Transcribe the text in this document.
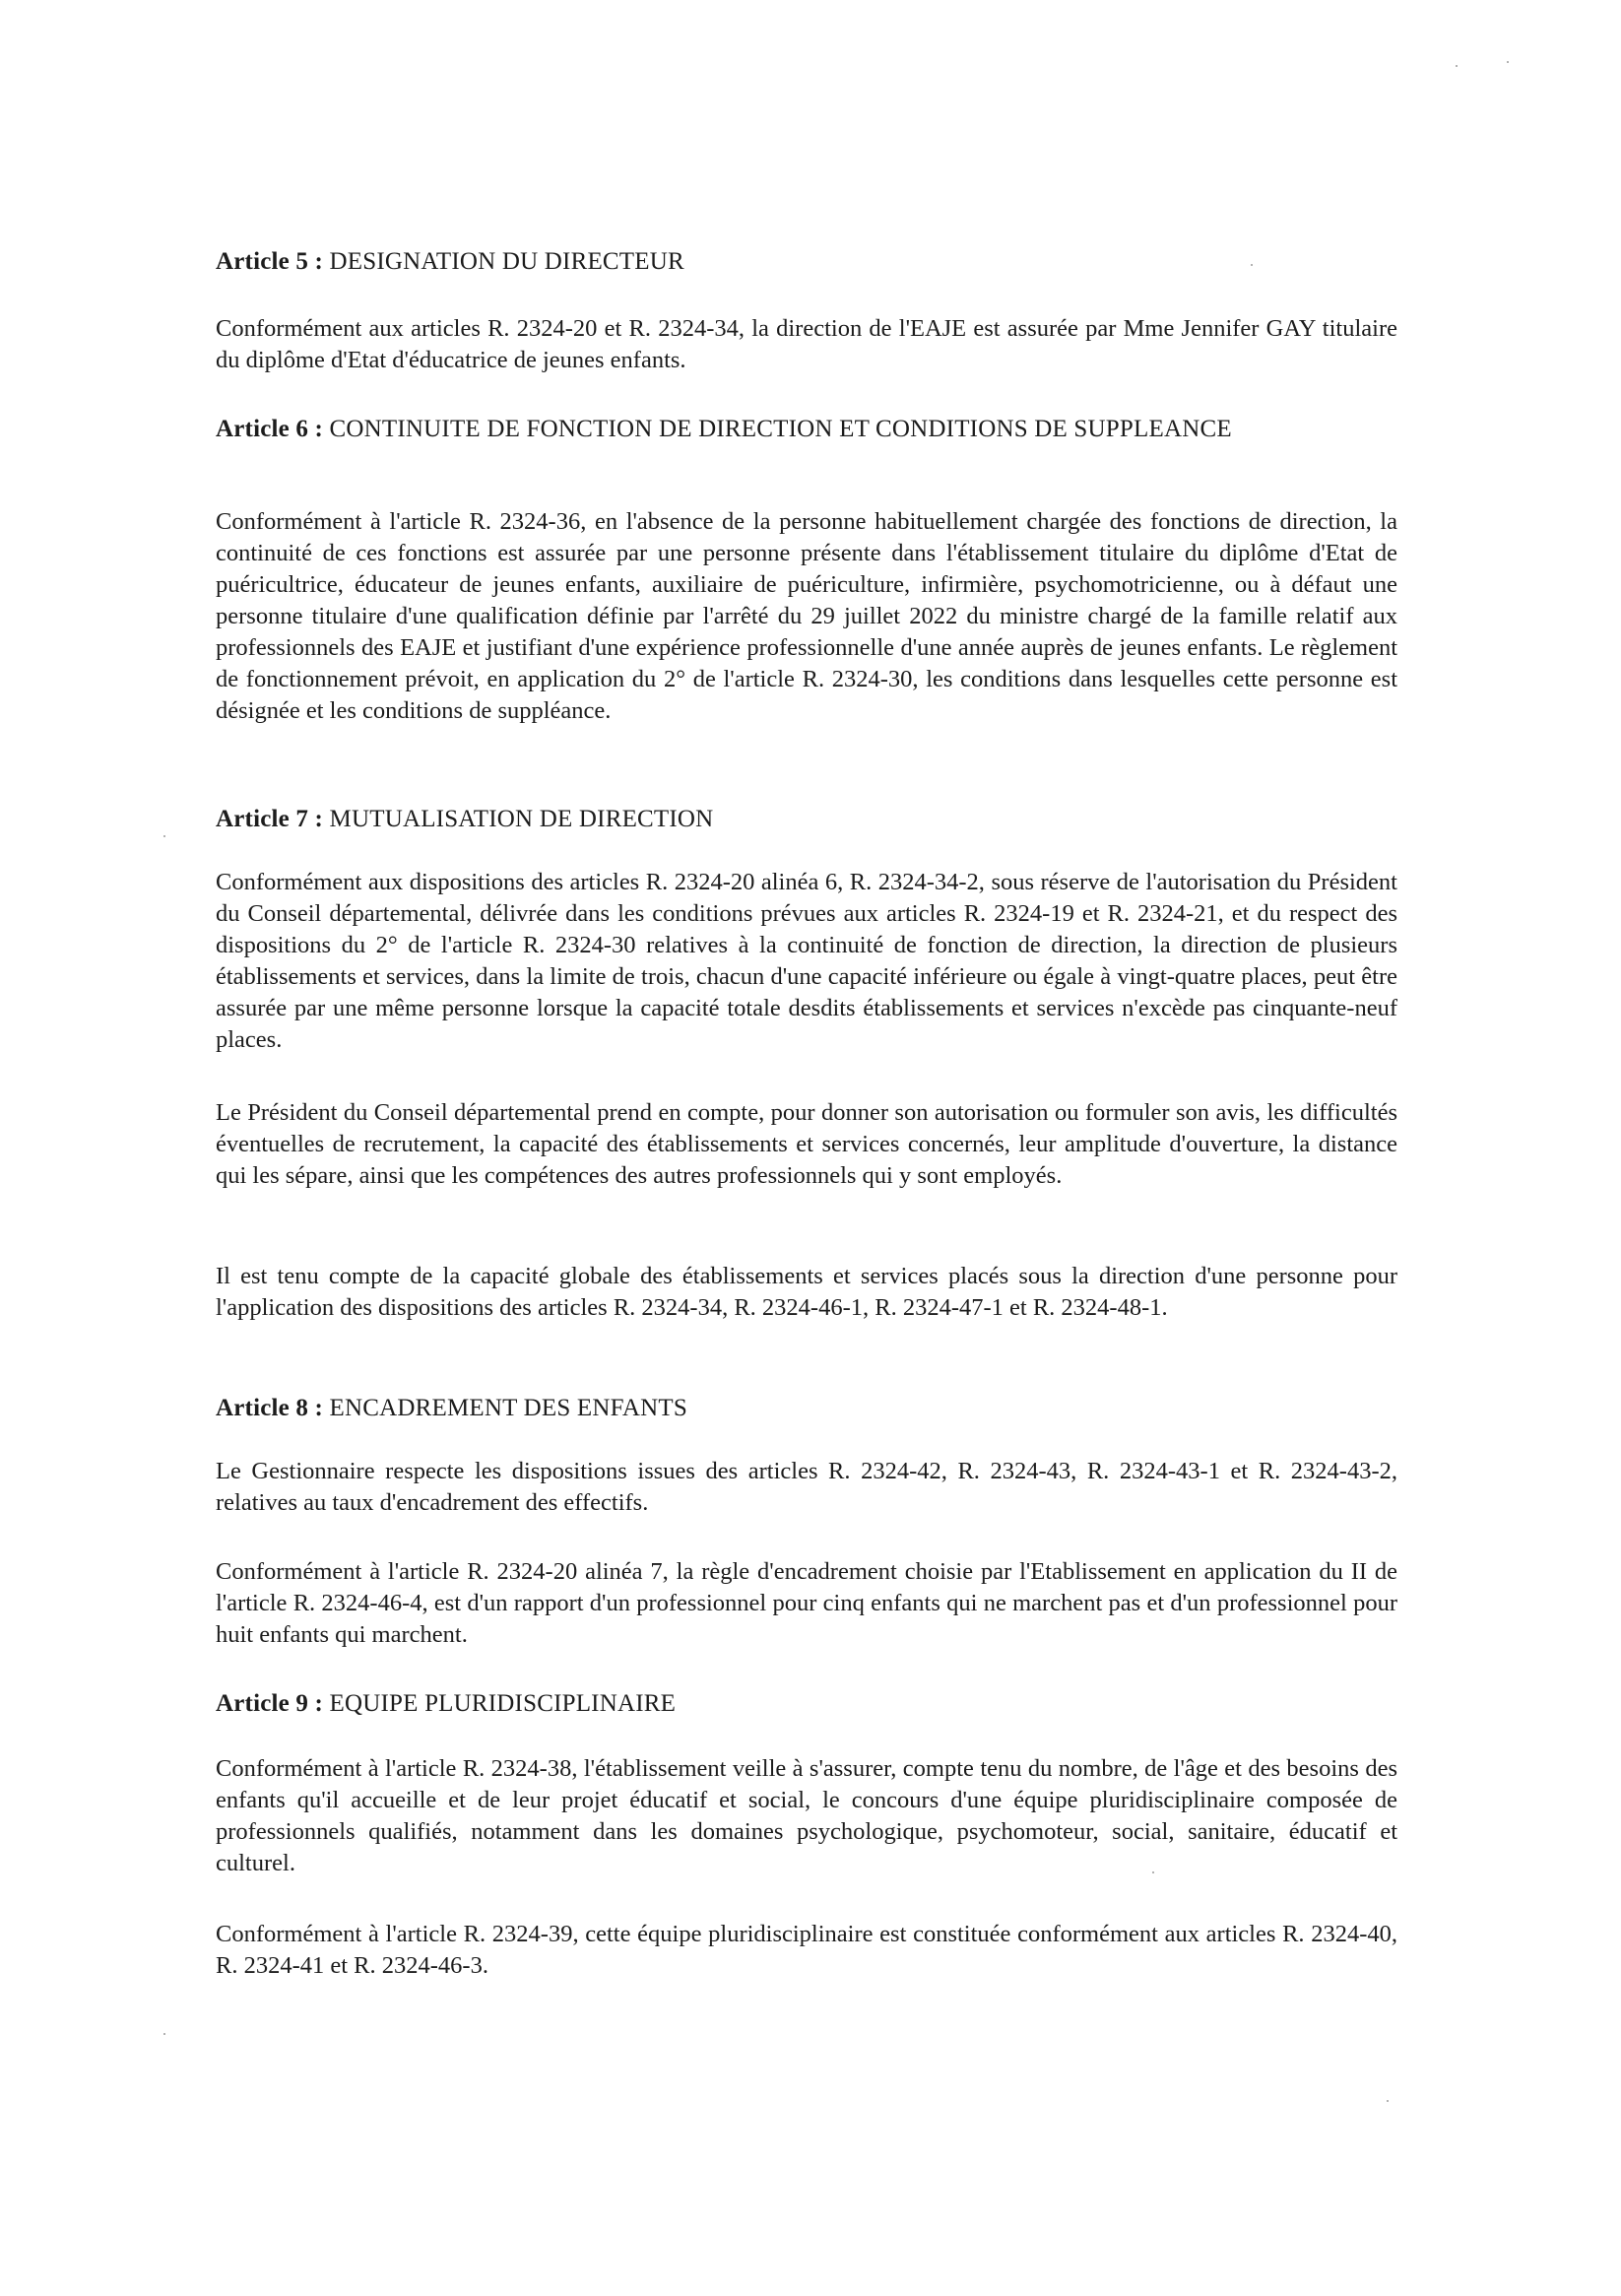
Article 5 : DESIGNATION DU DIRECTEUR

Conformément aux articles R. 2324-20 et R. 2324-34, la direction de l'EAJE est assurée par Mme Jennifer GAY titulaire du diplôme d'Etat d'éducatrice de jeunes enfants.

Article 6 : CONTINUITE DE FONCTION DE DIRECTION ET CONDITIONS DE SUPPLEANCE

Conformément à l'article R. 2324-36, en l'absence de la personne habituellement chargée des fonctions de direction, la continuité de ces fonctions est assurée par une personne présente dans l'établissement titulaire du diplôme d'Etat de puéricultrice, éducateur de jeunes enfants, auxiliaire de puériculture, infirmière, psychomotricienne, ou à défaut une personne titulaire d'une qualification définie par l'arrêté du 29 juillet 2022 du ministre chargé de la famille relatif aux professionnels des EAJE et justifiant d'une expérience professionnelle d'une année auprès de jeunes enfants. Le règlement de fonctionnement prévoit, en application du 2° de l'article R. 2324-30, les conditions dans lesquelles cette personne est désignée et les conditions de suppléance.

Article 7 : MUTUALISATION DE DIRECTION

Conformément aux dispositions des articles R. 2324-20 alinéa 6, R. 2324-34-2, sous réserve de l'autorisation du Président du Conseil départemental, délivrée dans les conditions prévues aux articles R. 2324-19 et R. 2324-21, et du respect des dispositions du 2° de l'article R. 2324-30 relatives à la continuité de fonction de direction, la direction de plusieurs établissements et services, dans la limite de trois, chacun d'une capacité inférieure ou égale à vingt-quatre places, peut être assurée par une même personne lorsque la capacité totale desdits établissements et services n'excède pas cinquante-neuf places.

Le Président du Conseil départemental prend en compte, pour donner son autorisation ou formuler son avis, les difficultés éventuelles de recrutement, la capacité des établissements et services concernés, leur amplitude d'ouverture, la distance qui les sépare, ainsi que les compétences des autres professionnels qui y sont employés.

Il est tenu compte de la capacité globale des établissements et services placés sous la direction d'une personne pour l'application des dispositions des articles R. 2324-34, R. 2324-46-1, R. 2324-47-1 et R. 2324-48-1.

Article 8 : ENCADREMENT DES ENFANTS

Le Gestionnaire respecte les dispositions issues des articles R. 2324-42, R. 2324-43, R. 2324-43-1 et R. 2324-43-2, relatives au taux d'encadrement des effectifs.

Conformément à l'article R. 2324-20 alinéa 7, la règle d'encadrement choisie par l'Etablissement en application du II de l'article R. 2324-46-4, est d'un rapport d'un professionnel pour cinq enfants qui ne marchent pas et d'un professionnel pour huit enfants qui marchent.

Article 9 : EQUIPE PLURIDISCIPLINAIRE

Conformément à l'article R. 2324-38, l'établissement veille à s'assurer, compte tenu du nombre, de l'âge et des besoins des enfants qu'il accueille et de leur projet éducatif et social, le concours d'une équipe pluridisciplinaire composée de professionnels qualifiés, notamment dans les domaines psychologique, psychomoteur, social, sanitaire, éducatif et culturel.

Conformément à l'article R. 2324-39, cette équipe pluridisciplinaire est constituée conformément aux articles R. 2324-40, R. 2324-41 et R. 2324-46-3.
